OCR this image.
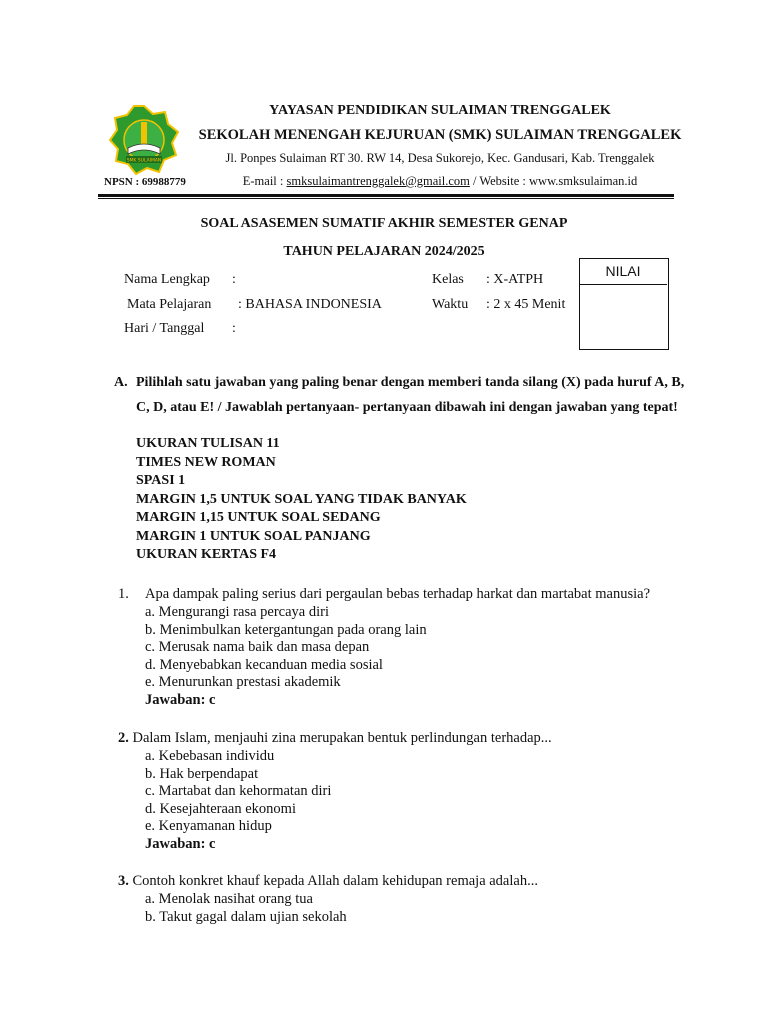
SMK SULAIMAN
NPSN : 69988779
YAYASAN PENDIDIKAN SULAIMAN TRENGGALEK
SEKOLAH MENENGAH KEJURUAN (SMK) SULAIMAN TRENGGALEK
Jl. Ponpes Sulaiman RT 30. RW 14, Desa Sukorejo, Kec. Gandusari, Kab. Trenggalek
E-mail : smksulaimantrenggalek@gmail.com / Website : www.smksulaiman.id
SOAL ASASEMEN SUMATIF AKHIR SEMESTER GENAP
TAHUN PELAJARAN 2024/2025
Nama Lengkap :
Mata Pelajaran : BAHASA INDONESIA
Hari / Tanggal :
Kelas : X-ATPH
Waktu : 2 x 45 Menit
NILAI
A. Pilihlah satu jawaban yang paling benar dengan memberi tanda silang (X) pada huruf A, B,
C, D, atau E! / Jawablah pertanyaan- pertanyaan dibawah ini dengan jawaban yang tepat!
UKURAN TULISAN 11
TIMES NEW ROMAN
SPASI 1
MARGIN 1,5 UNTUK SOAL YANG TIDAK BANYAK
MARGIN 1,15 UNTUK SOAL SEDANG
MARGIN 1 UNTUK SOAL PANJANG
UKURAN KERTAS F4
1. Apa dampak paling serius dari pergaulan bebas terhadap harkat dan martabat manusia?
a. Mengurangi rasa percaya diri
b. Menimbulkan ketergantungan pada orang lain
c. Merusak nama baik dan masa depan
d. Menyebabkan kecanduan media sosial
e. Menurunkan prestasi akademik
Jawaban: c
2. Dalam Islam, menjauhi zina merupakan bentuk perlindungan terhadap...
a. Kebebasan individu
b. Hak berpendapat
c. Martabat dan kehormatan diri
d. Kesejahteraan ekonomi
e. Kenyamanan hidup
Jawaban: c
3. Contoh konkret khauf kepada Allah dalam kehidupan remaja adalah...
a. Menolak nasihat orang tua
b. Takut gagal dalam ujian sekolah
